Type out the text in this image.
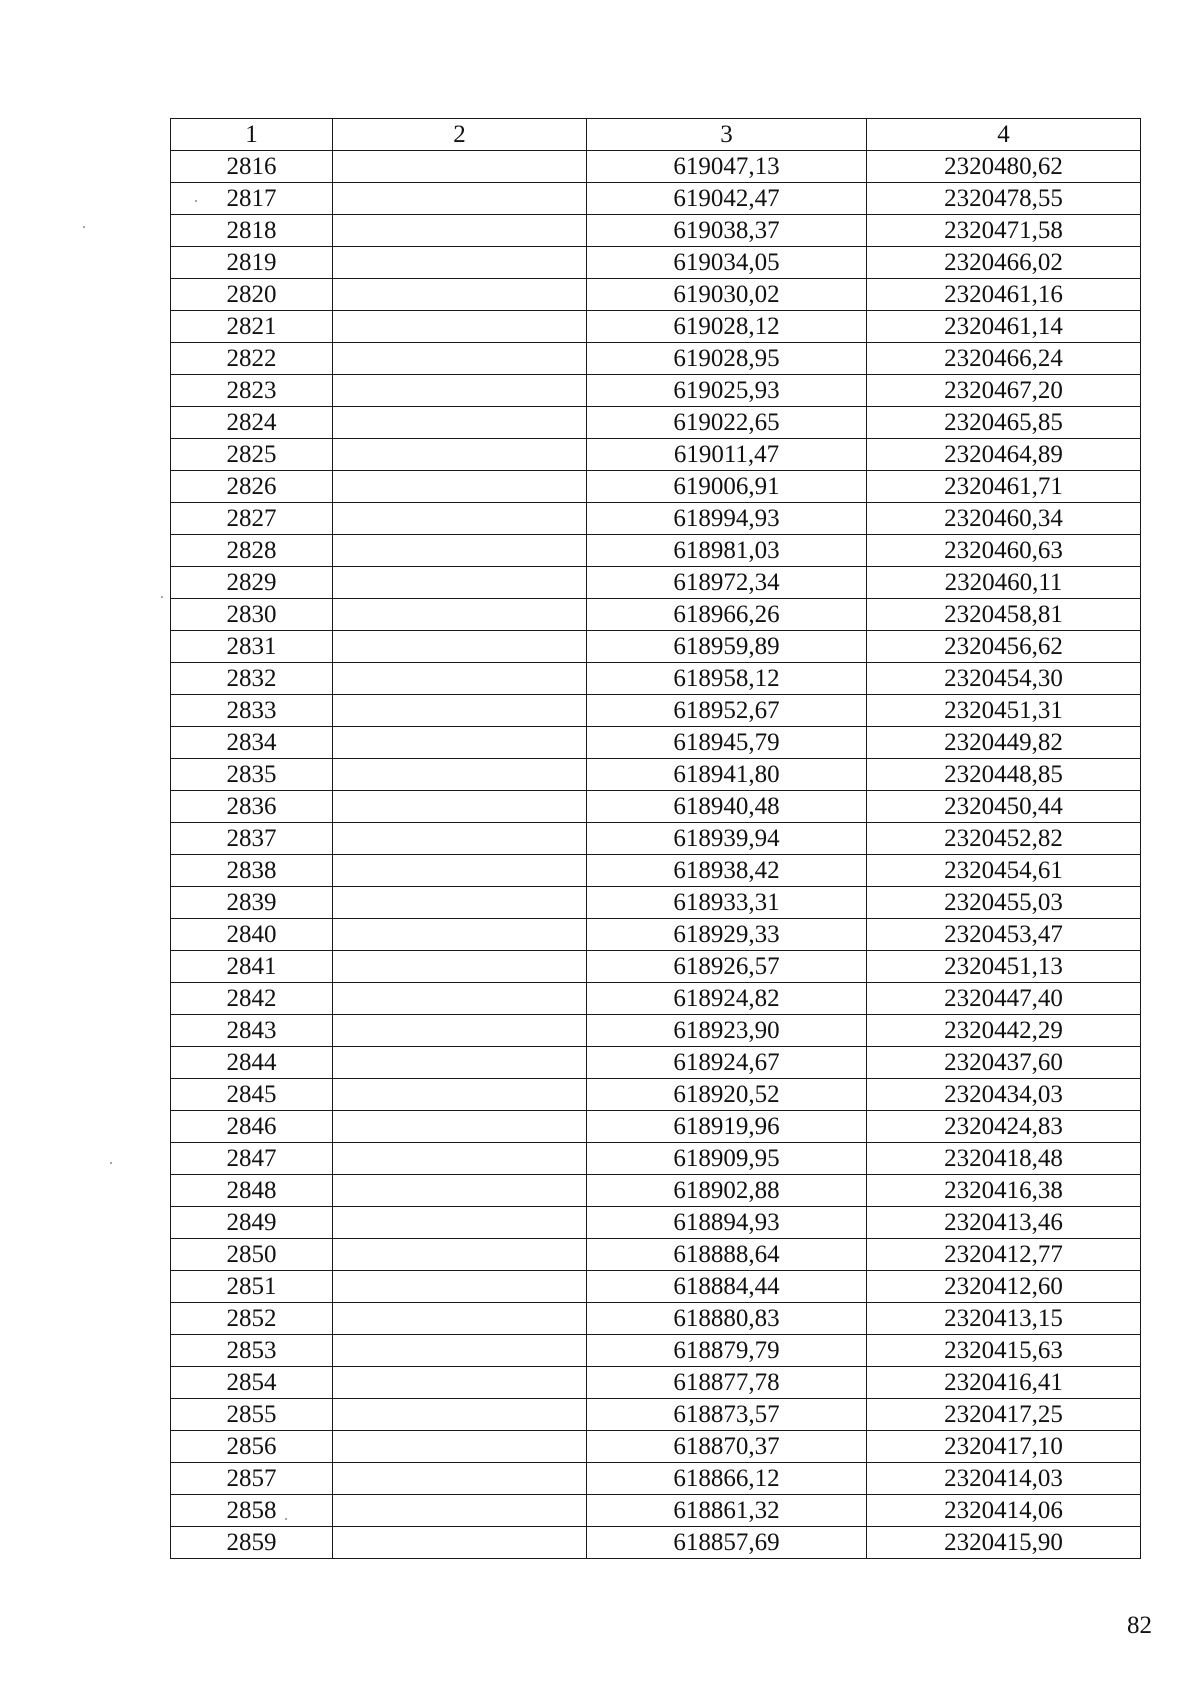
1	2	3	4
2816		619047,13	2320480,62
2817		619042,47	2320478,55
2818		619038,37	2320471,58
2819		619034,05	2320466,02
2820		619030,02	2320461,16
2821		619028,12	2320461,14
2822		619028,95	2320466,24
2823		619025,93	2320467,20
2824		619022,65	2320465,85
2825		619011,47	2320464,89
2826		619006,91	2320461,71
2827		618994,93	2320460,34
2828		618981,03	2320460,63
2829		618972,34	2320460,11
2830		618966,26	2320458,81
2831		618959,89	2320456,62
2832		618958,12	2320454,30
2833		618952,67	2320451,31
2834		618945,79	2320449,82
2835		618941,80	2320448,85
2836		618940,48	2320450,44
2837		618939,94	2320452,82
2838		618938,42	2320454,61
2839		618933,31	2320455,03
2840		618929,33	2320453,47
2841		618926,57	2320451,13
2842		618924,82	2320447,40
2843		618923,90	2320442,29
2844		618924,67	2320437,60
2845		618920,52	2320434,03
2846		618919,96	2320424,83
2847		618909,95	2320418,48
2848		618902,88	2320416,38
2849		618894,93	2320413,46
2850		618888,64	2320412,77
2851		618884,44	2320412,60
2852		618880,83	2320413,15
2853		618879,79	2320415,63
2854		618877,78	2320416,41
2855		618873,57	2320417,25
2856		618870,37	2320417,10
2857		618866,12	2320414,03
2858		618861,32	2320414,06
2859		618857,69	2320415,90
82
